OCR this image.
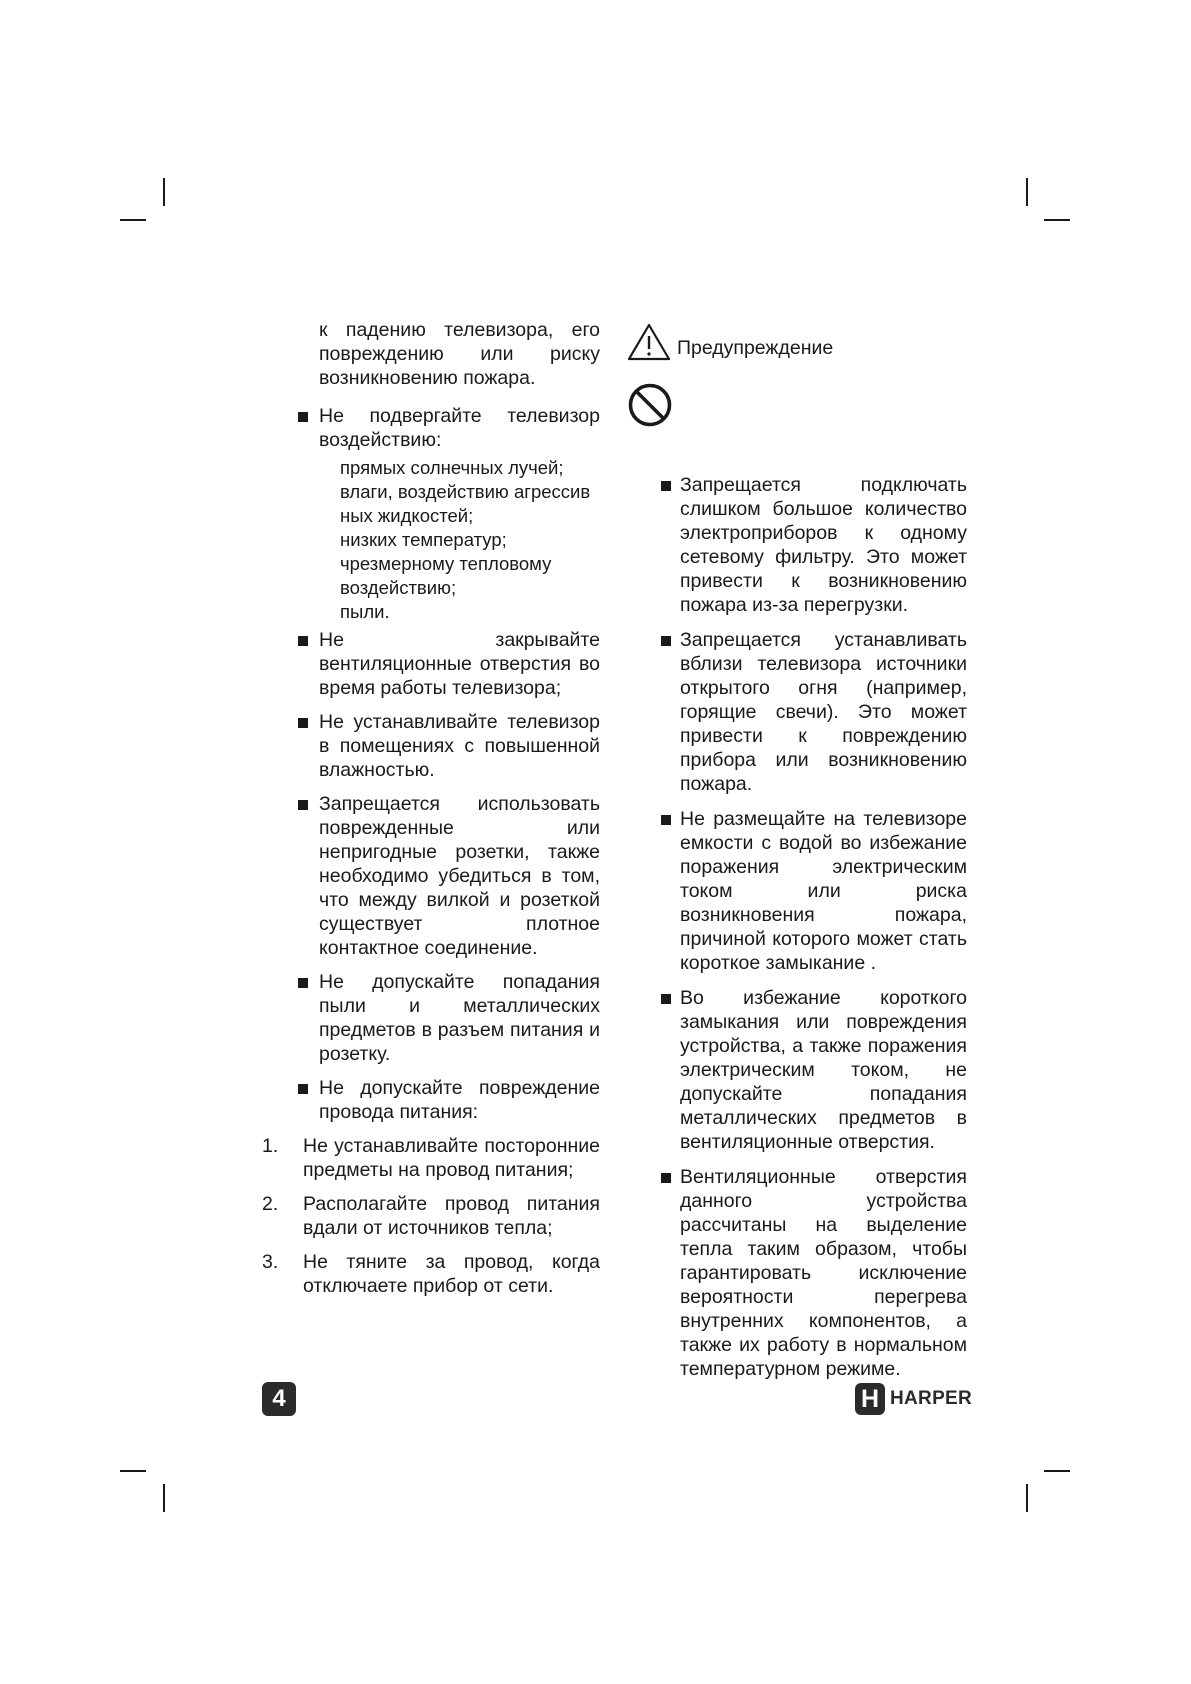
к падению телевизора, его повреждению или риску возникновению пожара.
Не подвергайте телевизор воздействию:
прямых солнечных лучей;
влаги, воздействию агрессив
ных жидкостей;
низких температур;
чрезмерному тепловому
воздействию;
пыли.
Не закрывайте вентиляционные отверстия во время работы телевизора;
Не устанавливайте телевизор в помещениях с повышенной влажностью.
Запрещается использовать поврежденные или непригодные розетки, также необходимо убедиться в том, что между вилкой и розеткой существует плотное контактное соединение.
Не допускайте попадания пыли и металлических предметов в разъем питания и розетку.
Не допускайте повреждение провода питания:
1. Не устанавливайте посторонние предметы на провод питания;
2. Располагайте провод питания вдали от источников тепла;
3. Не тяните за провод, когда отключаете прибор от сети.
Предупреждение
Запрещается подключать слишком большое количество электроприборов к одному сетевому фильтру. Это может привести к возникновению пожара из-за перегрузки.
Запрещается устанавливать вблизи телевизора источники открытого огня (например, горящие свечи). Это может привести к повреждению прибора или возникновению пожара.
Не размещайте на телевизоре емкости с водой во избежание поражения электрическим током или риска возникновения пожара, причиной которого может стать короткое замыкание .
Во избежание короткого замыкания или повреждения устройства, а также поражения электрическим током, не допускайте попадания металлических предметов в вентиляционные отверстия.
Вентиляционные отверстия данного устройства рассчитаны на выделение тепла таким образом, чтобы гарантировать исключение вероятности перегрева внутренних компонентов, а также их работу в нормальном температурном режиме.
4	H HARPER
